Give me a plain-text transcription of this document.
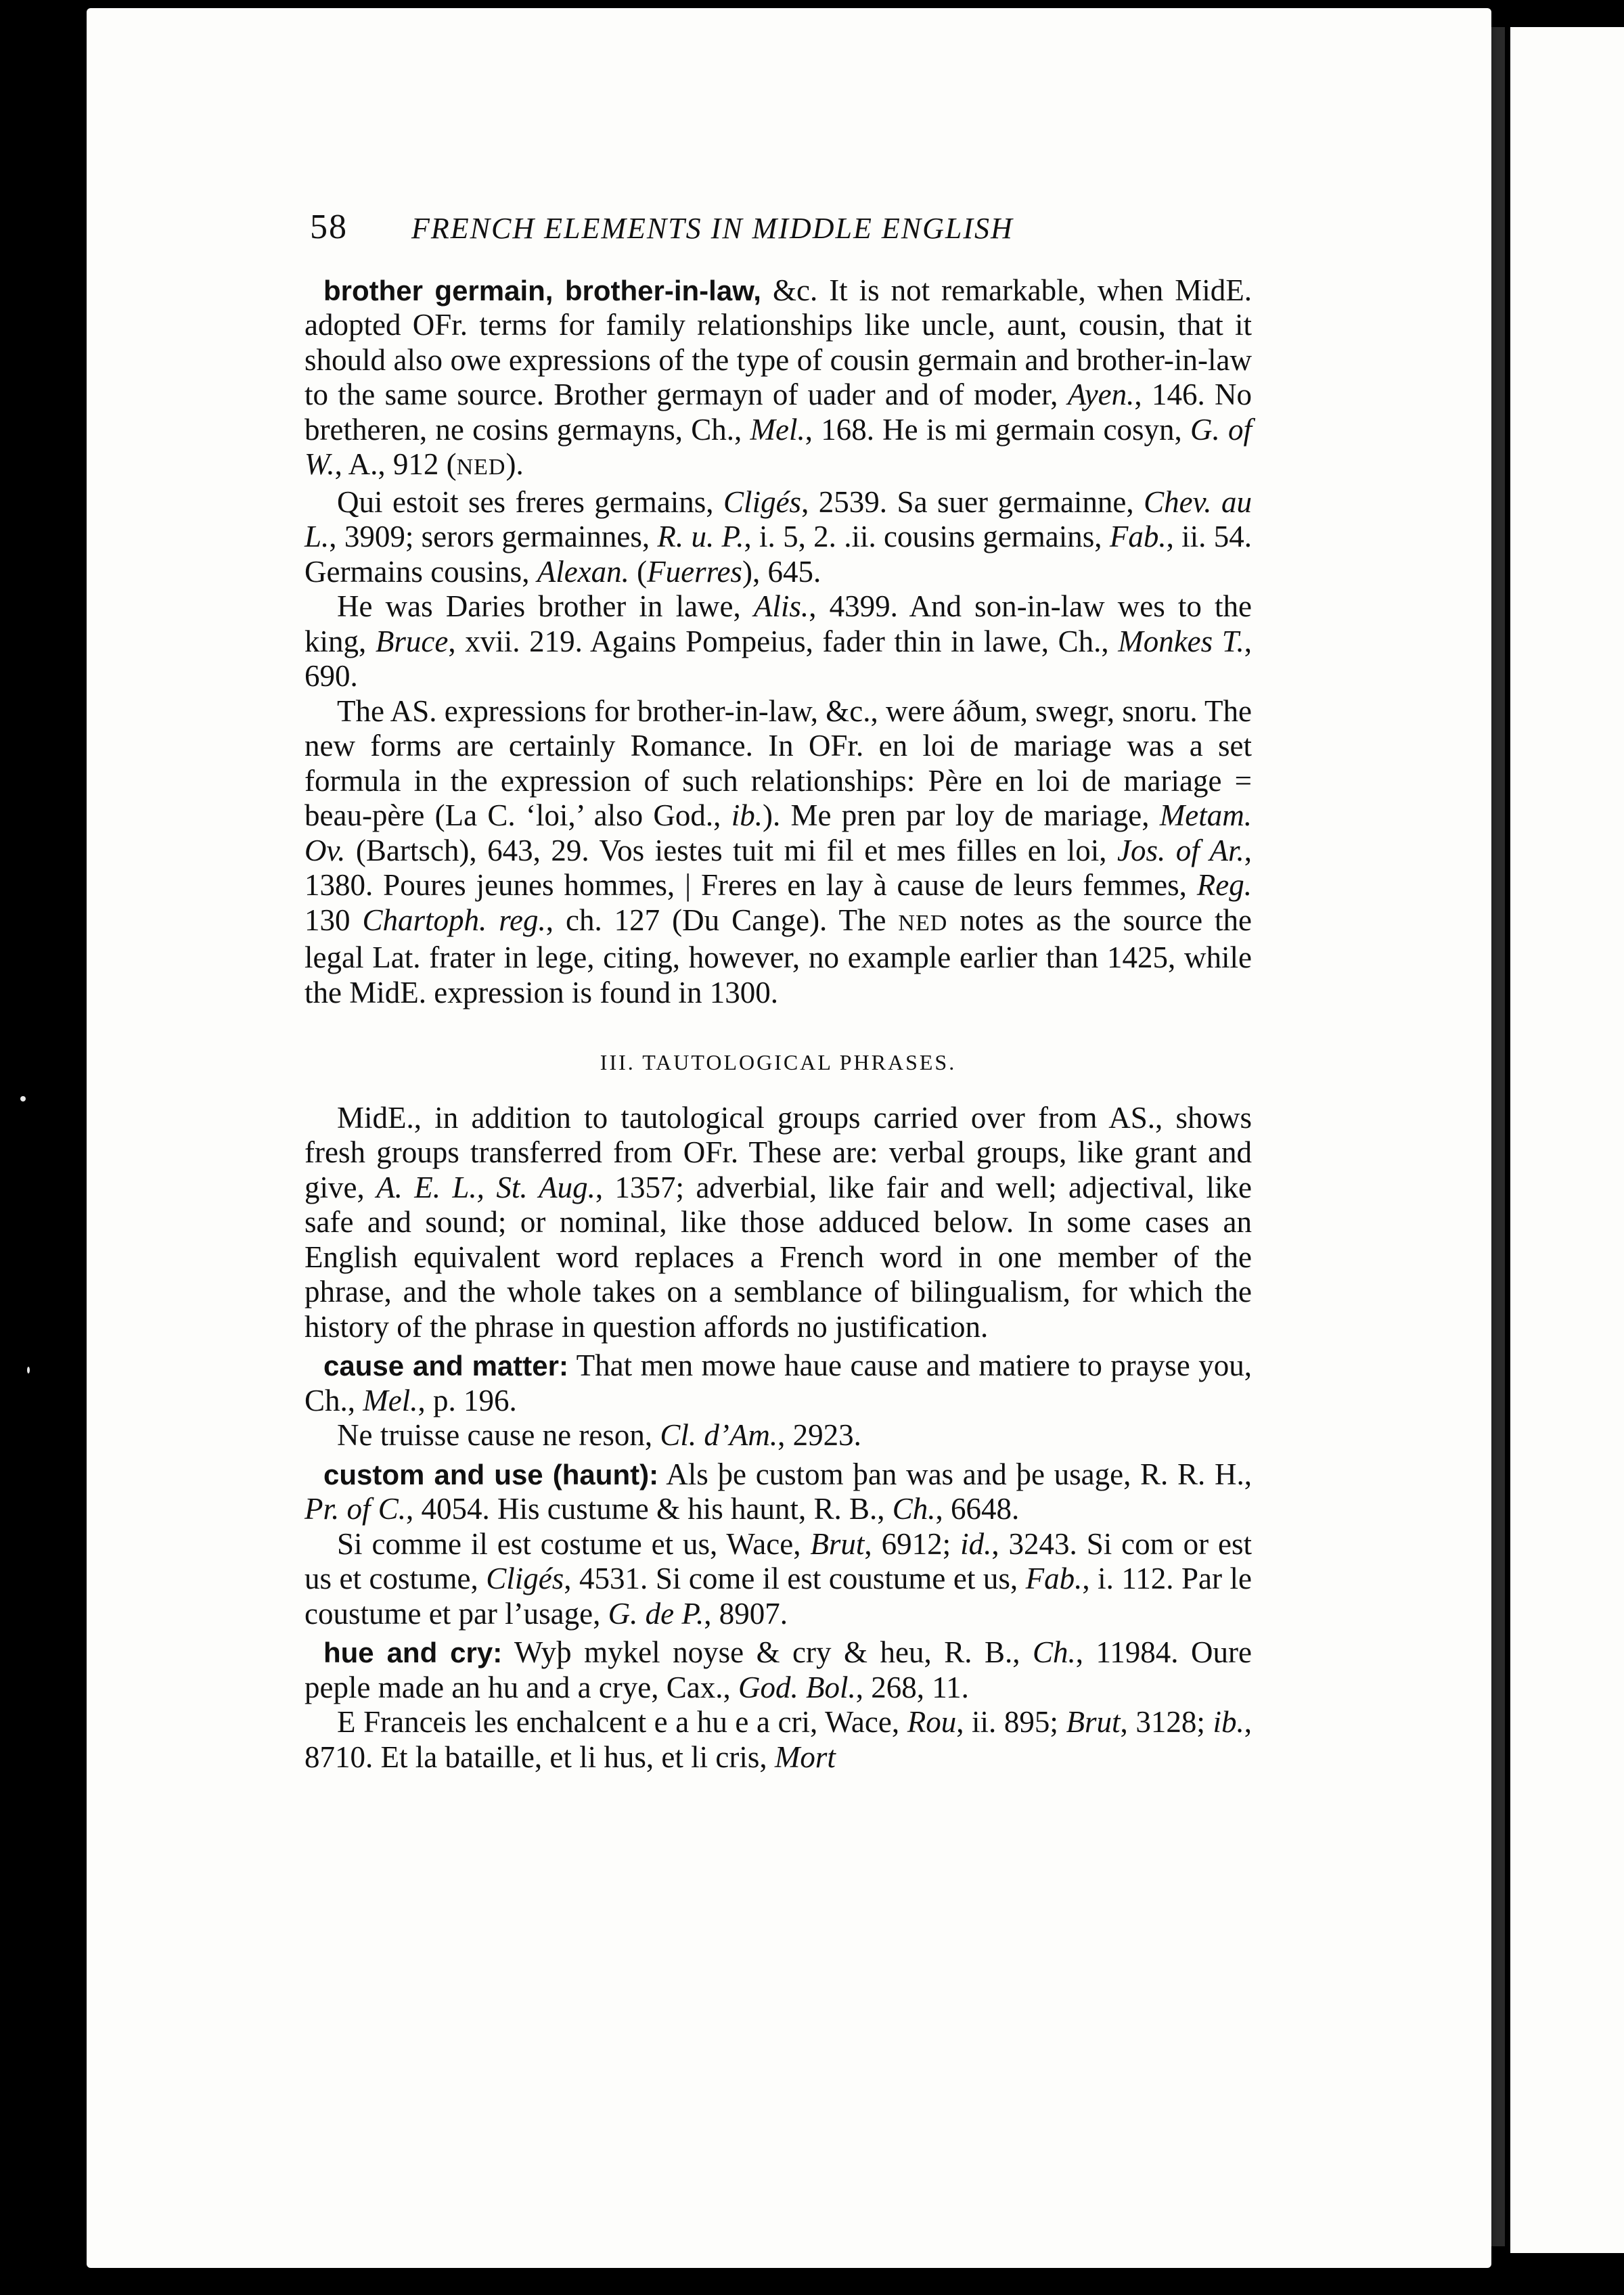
58	FRENCH ELEMENTS IN MIDDLE ENGLISH

brother germain, brother-in-law, &c. It is not remarkable, when MidE. adopted OFr. terms for family relationships like uncle, aunt, cousin, that it should also owe expressions of the type of cousin germain and brother-in-law to the same source. Brother germayn of uader and of moder, Ayen., 146. No bretheren, ne cosins germayns, Ch., Mel., 168. He is mi germain cosyn, G. of W., A., 912 (NED).

Qui estoit ses freres germains, Cligés, 2539. Sa suer germainne, Chev. au L., 3909; serors germainnes, R. u. P., i. 5, 2. .ii. cousins germains, Fab., ii. 54. Germains cousins, Alexan. (Fuerres), 645.

He was Daries brother in lawe, Alis., 4399. And son-in-law wes to the king, Bruce, xvii. 219. Agains Pompeius, fader thin in lawe, Ch., Monkes T., 690.

The AS. expressions for brother-in-law, &c., were áðum, swegr, snoru. The new forms are certainly Romance. In OFr. en loi de mariage was a set formula in the expression of such relationships: Père en loi de mariage = beau-père (La C. ‘loi,’ also God., ib.). Me pren par loy de mariage, Metam. Ov. (Bartsch), 643, 29. Vos iestes tuit mi fil et mes filles en loi, Jos. of Ar., 1380. Poures jeunes hommes, | Freres en lay à cause de leurs femmes, Reg. 130 Chartoph. reg., ch. 127 (Du Cange). The NED notes as the source the legal Lat. frater in lege, citing, however, no example earlier than 1425, while the MidE. expression is found in 1300.

III. TAUTOLOGICAL PHRASES.

MidE., in addition to tautological groups carried over from AS., shows fresh groups transferred from OFr. These are: verbal groups, like grant and give, A. E. L., St. Aug., 1357; adverbial, like fair and well; adjectival, like safe and sound; or nominal, like those adduced below. In some cases an English equivalent word replaces a French word in one member of the phrase, and the whole takes on a semblance of bilingualism, for which the history of the phrase in question affords no justification.

cause and matter: That men mowe haue cause and matiere to prayse you, Ch., Mel., p. 196.

Ne truisse cause ne reson, Cl. d’Am., 2923.

custom and use (haunt): Als þe custom þan was and þe usage, R. R. H., Pr. of C., 4054. His custume & his haunt, R. B., Ch., 6648.

Si comme il est costume et us, Wace, Brut, 6912; id., 3243. Si com or est us et costume, Cligés, 4531. Si come il est coustume et us, Fab., i. 112. Par le coustume et par l’usage, G. de P., 8907.

hue and cry: Wyþ mykel noyse & cry & heu, R. B., Ch., 11984. Oure peple made an hu and a crye, Cax., God. Bol., 268, 11.

E Franceis les enchalcent e a hu e a cri, Wace, Rou, ii. 895; Brut, 3128; ib., 8710. Et la bataille, et li hus, et li cris, Mort
